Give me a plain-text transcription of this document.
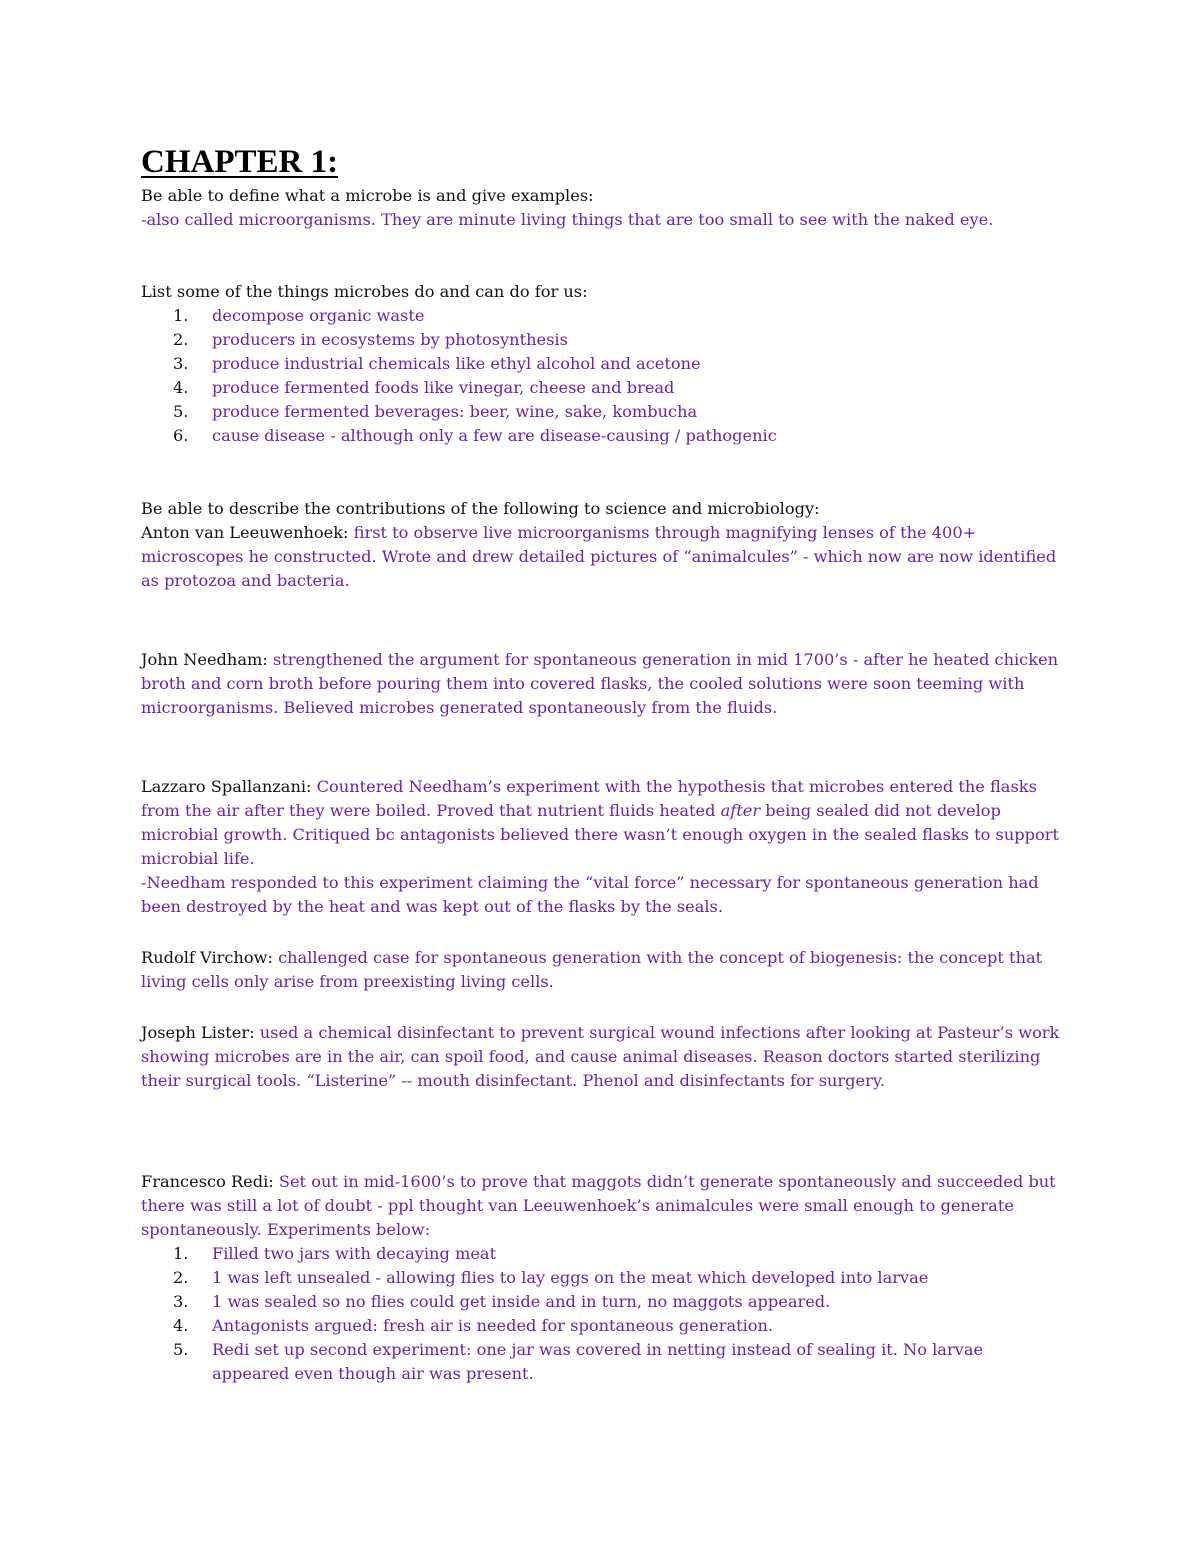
CHAPTER 1:

Be able to define what a microbe is and give examples:

-also called microorganisms. They are minute living things that are too small to see with the naked eye.

List some of the things microbes do and can do for us:

1.	decompose organic waste
2.	producers in ecosystems by photosynthesis
3.	produce industrial chemicals like ethyl alcohol and acetone
4.	produce fermented foods like vinegar, cheese and bread
5.	produce fermented beverages: beer, wine, sake, kombucha
6.	cause disease - although only a few are disease-causing / pathogenic

Be able to describe the contributions of the following to science and microbiology:

Anton van Leeuwenhoek: first to observe live microorganisms through magnifying lenses of the 400+ microscopes he constructed. Wrote and drew detailed pictures of “animalcules” - which now are now identified as protozoa and bacteria.

John Needham: strengthened the argument for spontaneous generation in mid 1700’s - after he heated chicken broth and corn broth before pouring them into covered flasks, the cooled solutions were soon teeming with microorganisms. Believed microbes generated spontaneously from the fluids.

Lazzaro Spallanzani: Countered Needham’s experiment with the hypothesis that microbes entered the flasks from the air after they were boiled. Proved that nutrient fluids heated after being sealed did not develop microbial growth. Critiqued bc antagonists believed there wasn’t enough oxygen in the sealed flasks to support microbial life.

-Needham responded to this experiment claiming the “vital force” necessary for spontaneous generation had been destroyed by the heat and was kept out of the flasks by the seals.

Rudolf Virchow: challenged case for spontaneous generation with the concept of biogenesis: the concept that living cells only arise from preexisting living cells.

Joseph Lister: used a chemical disinfectant to prevent surgical wound infections after looking at Pasteur’s work showing microbes are in the air, can spoil food, and cause animal diseases. Reason doctors started sterilizing their surgical tools. “Listerine” -- mouth disinfectant. Phenol and disinfectants for surgery.

Francesco Redi: Set out in mid-1600’s to prove that maggots didn’t generate spontaneously and succeeded but there was still a lot of doubt - ppl thought van Leeuwenhoek’s animalcules were small enough to generate spontaneously. Experiments below:

1.	Filled two jars with decaying meat
2.	1 was left unsealed - allowing flies to lay eggs on the meat which developed into larvae
3.	1 was sealed so no flies could get inside and in turn, no maggots appeared.
4.	Antagonists argued: fresh air is needed for spontaneous generation.
5.	Redi set up second experiment: one jar was covered in netting instead of sealing it. No larvae appeared even though air was present.
